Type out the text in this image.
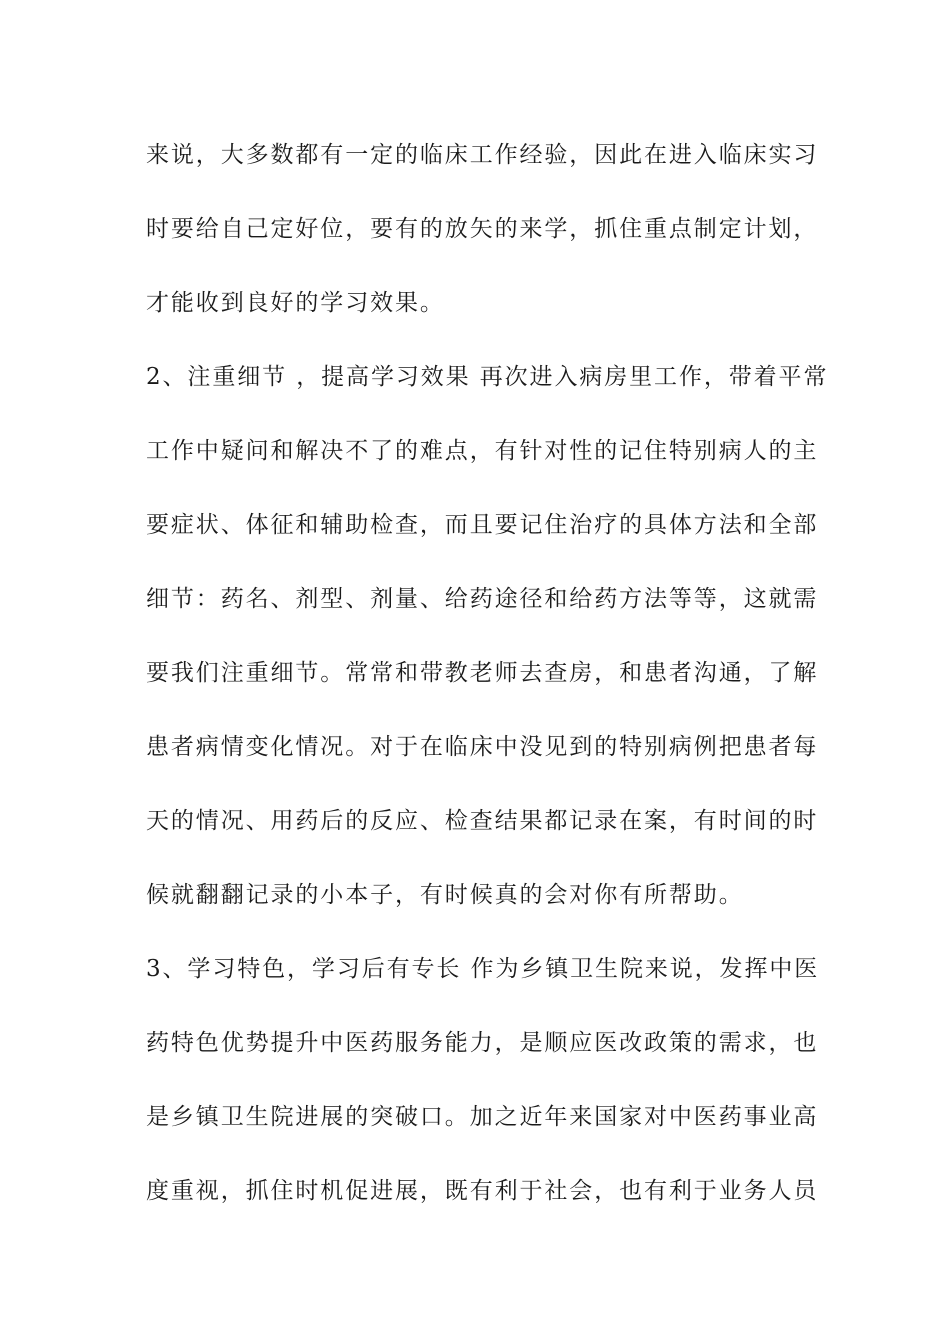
来说，大多数都有一定的临床工作经验，因此在进入临床实习
时要给自己定好位，要有的放矢的来学，抓住重点制定计划，
才能收到良好的学习效果。
2、注重细节 ，提高学习效果 再次进入病房里工作，带着平常
工作中疑问和解决不了的难点，有针对性的记住特别病人的主
要症状、体征和辅助检查，而且要记住治疗的具体方法和全部
细节：药名、剂型、剂量、给药途径和给药方法等等，这就需
要我们注重细节。常常和带教老师去查房，和患者沟通，了解
患者病情变化情况。对于在临床中没见到的特别病例把患者每
天的情况、用药后的反应、检查结果都记录在案，有时间的时
候就翻翻记录的小本子，有时候真的会对你有所帮助。
3、学习特色，学习后有专长 作为乡镇卫生院来说，发挥中医
药特色优势提升中医药服务能力，是顺应医改政策的需求，也
是乡镇卫生院进展的突破口。加之近年来国家对中医药事业高
度重视，抓住时机促进展，既有利于社会，也有利于业务人员
